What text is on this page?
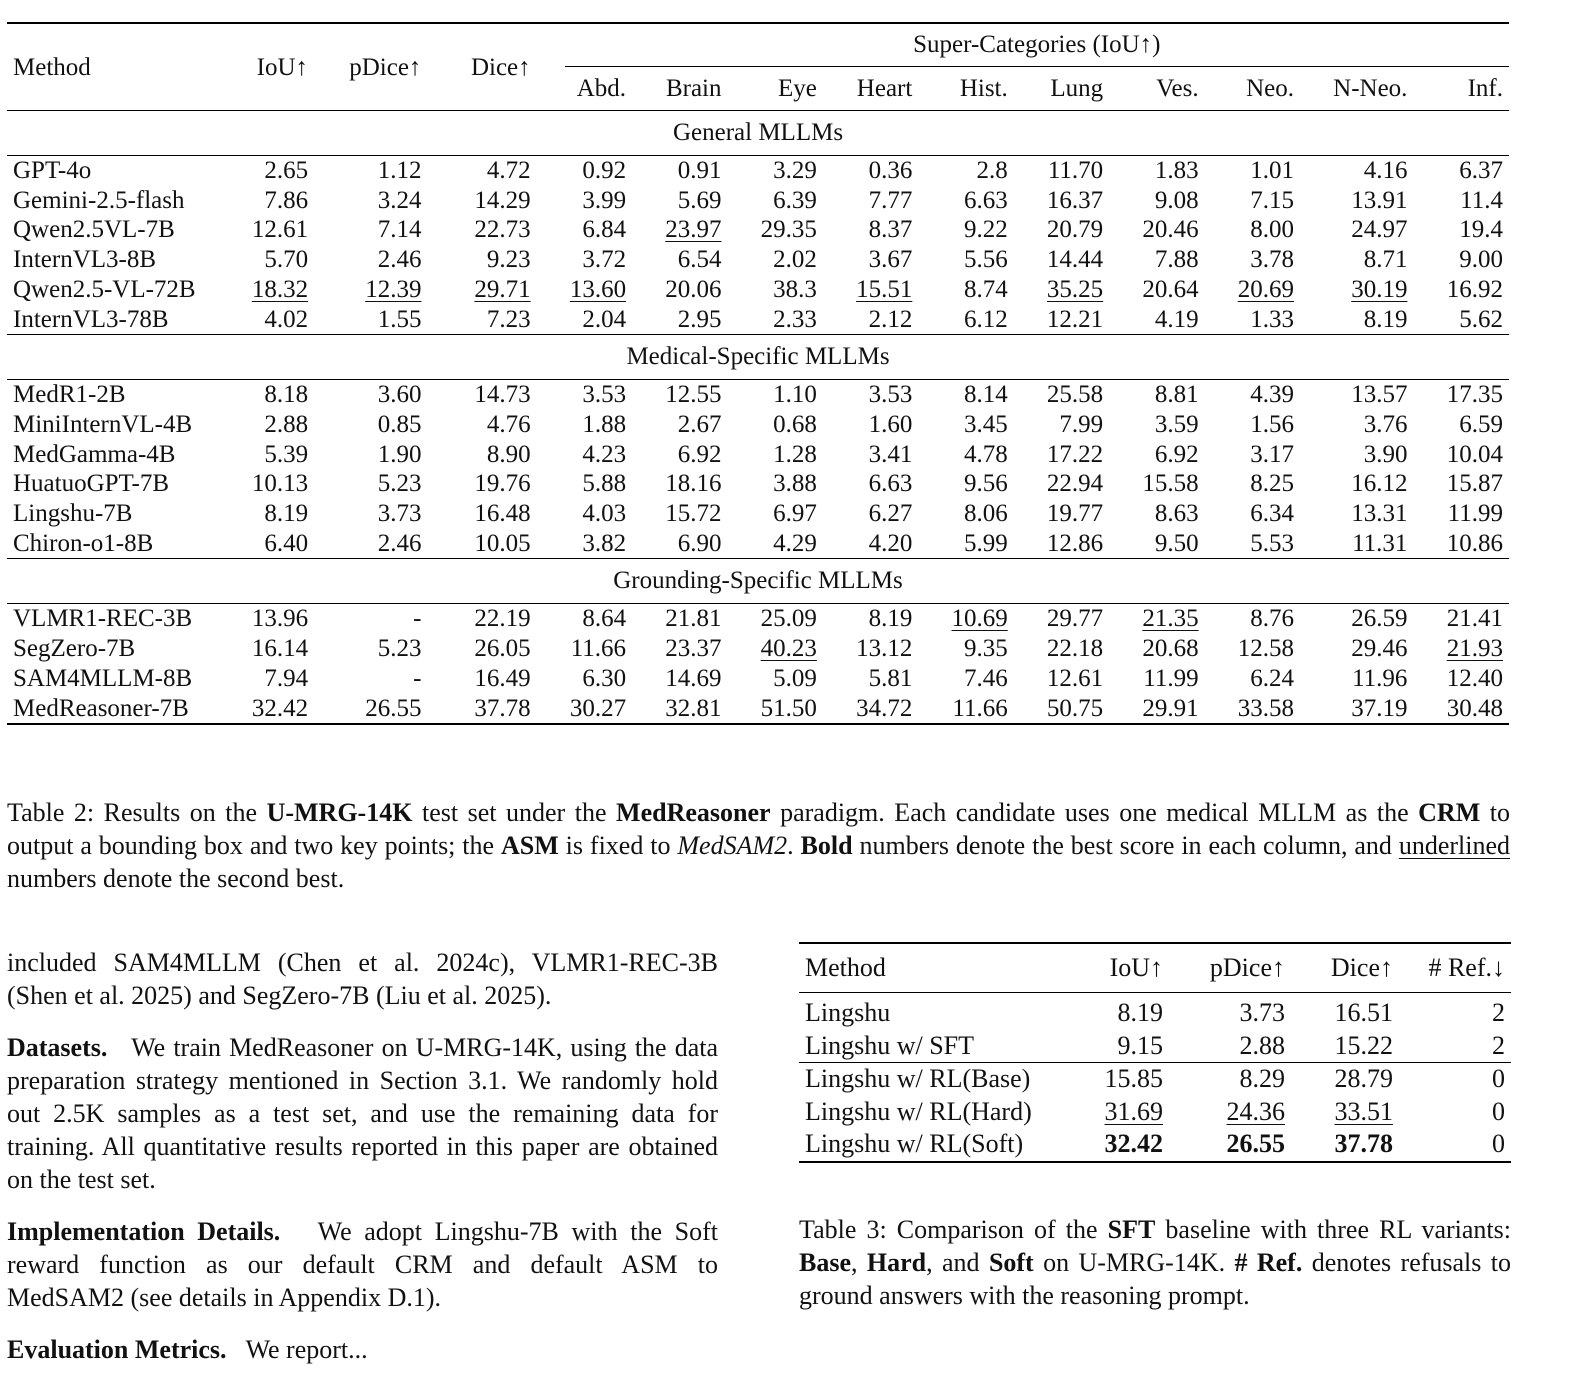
Method	IoU↑	pDice↑	Dice↑	Super-Categories (IoU↑)									

				Abd.	Brain	Eye	Heart	Hist.	Lung	Ves.	Neo.	N-Neo.	Inf.
General MLLMs													
GPT-4o	2.65	1.12	4.72	0.92	0.91	3.29	0.36	2.8	11.70	1.83	1.01	4.16	6.37
Gemini-2.5-flash	7.86	3.24	14.29	3.99	5.69	6.39	7.77	6.63	16.37	9.08	7.15	13.91	11.4
Qwen2.5VL-7B	12.61	7.14	22.73	6.84	23.97	29.35	8.37	9.22	20.79	20.46	8.00	24.97	19.4
InternVL3-8B	5.70	2.46	9.23	3.72	6.54	2.02	3.67	5.56	14.44	7.88	3.78	8.71	9.00
Qwen2.5-VL-72B	18.32	12.39	29.71	13.60	20.06	38.3	15.51	8.74	35.25	20.64	20.69	30.19	16.92
InternVL3-78B	4.02	1.55	7.23	2.04	2.95	2.33	2.12	6.12	12.21	4.19	1.33	8.19	5.62
Medical-Specific MLLMs													
MedR1-2B	8.18	3.60	14.73	3.53	12.55	1.10	3.53	8.14	25.58	8.81	4.39	13.57	17.35
MiniInternVL-4B	2.88	0.85	4.76	1.88	2.67	0.68	1.60	3.45	7.99	3.59	1.56	3.76	6.59
MedGamma-4B	5.39	1.90	8.90	4.23	6.92	1.28	3.41	4.78	17.22	6.92	3.17	3.90	10.04
HuatuoGPT-7B	10.13	5.23	19.76	5.88	18.16	3.88	6.63	9.56	22.94	15.58	8.25	16.12	15.87
Lingshu-7B	8.19	3.73	16.48	4.03	15.72	6.97	6.27	8.06	19.77	8.63	6.34	13.31	11.99
Chiron-o1-8B	6.40	2.46	10.05	3.82	6.90	4.29	4.20	5.99	12.86	9.50	5.53	11.31	10.86
Grounding-Specific MLLMs													
VLMR1-REC-3B	13.96	-	22.19	8.64	21.81	25.09	8.19	10.69	29.77	21.35	8.76	26.59	21.41
SegZero-7B	16.14	5.23	26.05	11.66	23.37	40.23	13.12	9.35	22.18	20.68	12.58	29.46	21.93
SAM4MLLM-8B	7.94	-	16.49	6.30	14.69	5.09	5.81	7.46	12.61	11.99	6.24	11.96	12.40
MedReasoner-7B	32.42	26.55	37.78	30.27	32.81	51.50	34.72	11.66	50.75	29.91	33.58	37.19	30.48
Table 2: Results on the U-MRG-14K test set under the MedReasoner paradigm. Each candidate uses one medical MLLM as the CRM to output a bounding box and two key points; the ASM is fixed to MedSAM2. Bold numbers denote the best score in each column, and underlined numbers denote the second best.

included SAM4MLLM (Chen et al. 2024c), VLMR1-REC-3B (Shen et al. 2025) and SegZero-7B (Liu et al. 2025).

Datasets. We train MedReasoner on U-MRG-14K, using the data preparation strategy mentioned in Section 3.1. We randomly hold out 2.5K samples as a test set, and use the remaining data for training. All quantitative results reported in this paper are obtained on the test set.

Implementation Details. We adopt Lingshu-7B with the Soft reward function as our default CRM and default ASM to MedSAM2 (see details in Appendix D.1).

Evaluation Metrics. We report...

Method	IoU↑	pDice↑	Dice↑	# Ref.↓
Lingshu	8.19	3.73	16.51	2
Lingshu w/ SFT	9.15	2.88	15.22	2
Lingshu w/ RL(Base)	15.85	8.29	28.79	0
Lingshu w/ RL(Hard)	31.69	24.36	33.51	0
Lingshu w/ RL(Soft)	32.42	26.55	37.78	0
Table 3: Comparison of the SFT baseline with three RL variants: Base, Hard, and Soft on U-MRG-14K. # Ref. denotes refusals to ground answers with the reasoning prompt.
